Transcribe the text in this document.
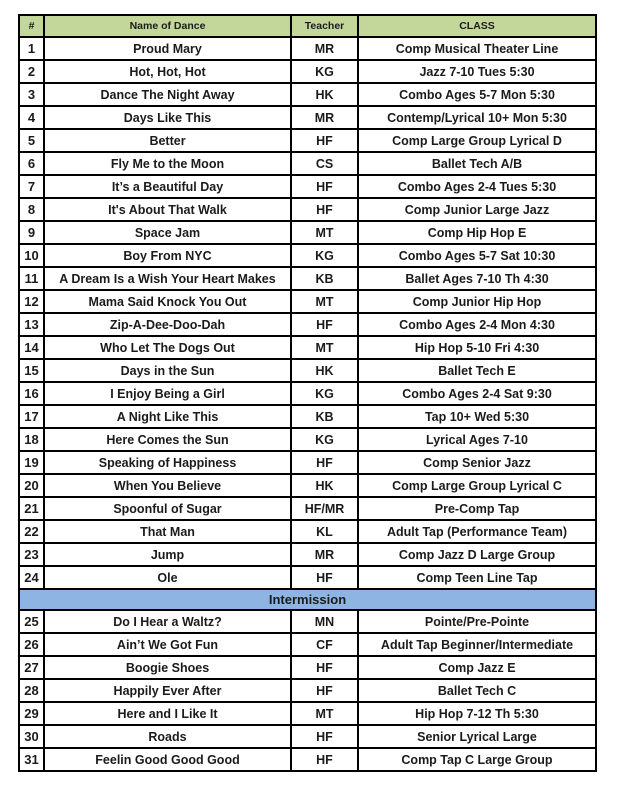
#	Name of Dance	Teacher	CLASS
1	Proud Mary	MR	Comp Musical Theater Line
2	Hot, Hot, Hot	KG	Jazz 7-10 Tues 5:30
3	Dance The Night Away	HK	Combo Ages 5-7 Mon 5:30
4	Days Like This	MR	Contemp/Lyrical 10+ Mon 5:30
5	Better	HF	Comp Large Group Lyrical D
6	Fly Me to the Moon	CS	Ballet Tech A/B
7	It’s a Beautiful Day	HF	Combo Ages 2-4 Tues 5:30
8	It's About That Walk	HF	Comp Junior Large Jazz
9	Space Jam	MT	Comp Hip Hop E
10	Boy From NYC	KG	Combo Ages 5-7 Sat 10:30
11	A Dream Is a Wish Your Heart Makes	KB	Ballet Ages 7-10 Th 4:30
12	Mama Said Knock You Out	MT	Comp Junior Hip Hop
13	Zip-A-Dee-Doo-Dah	HF	Combo Ages 2-4 Mon 4:30
14	Who Let The Dogs Out	MT	Hip Hop 5-10 Fri 4:30
15	Days in the Sun	HK	Ballet Tech E
16	I Enjoy Being a Girl	KG	Combo Ages 2-4 Sat 9:30
17	A Night Like This	KB	Tap 10+ Wed 5:30
18	Here Comes the Sun	KG	Lyrical Ages 7-10
19	Speaking of Happiness	HF	Comp Senior Jazz
20	When You Believe	HK	Comp Large Group Lyrical C
21	Spoonful of Sugar	HF/MR	Pre-Comp Tap
22	That Man	KL	Adult Tap (Performance Team)
23	Jump	MR	Comp Jazz D Large Group
24	Ole	HF	Comp Teen Line Tap
Intermission			
25	Do I Hear a Waltz?	MN	Pointe/Pre-Pointe
26	Ain’t We Got Fun	CF	Adult Tap Beginner/Intermediate
27	Boogie Shoes	HF	Comp Jazz E
28	Happily Ever After	HF	Ballet Tech C
29	Here and I Like It	MT	Hip Hop 7-12 Th 5:30
30	Roads	HF	Senior Lyrical Large
31	Feelin Good Good Good	HF	Comp Tap C Large Group
